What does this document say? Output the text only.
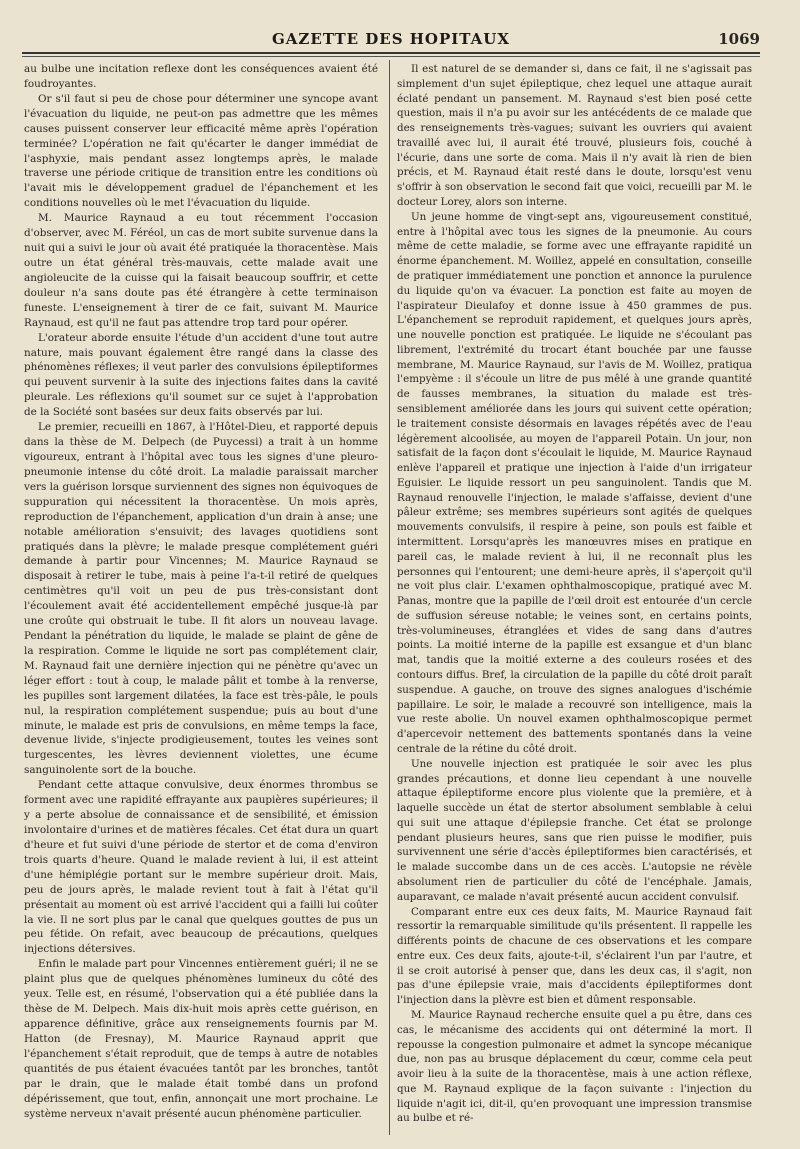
GAZETTE DES HOPITAUX	1069

au bulbe une incitation reflexe dont les conséquences avaient été foudroyantes.

Or s'il faut si peu de chose pour déterminer une syncope avant l'évacuation du liquide, ne peut-on pas admettre que les mêmes causes puissent conserver leur efficacité même après l'opération terminée? L'opération ne fait qu'écarter le danger immédiat de l'asphyxie, mais pendant assez longtemps après, le malade traverse une période critique de transition entre les conditions où l'avait mis le développement graduel de l'épanchement et les conditions nouvelles où le met l'évacuation du liquide.

M. Maurice Raynaud a eu tout récemment l'occasion d'observer, avec M. Féréol, un cas de mort subite survenue dans la nuit qui a suivi le jour où avait été pratiquée la thoracentèse. Mais outre un état général très-mauvais, cette malade avait une angioleucite de la cuisse qui la faisait beaucoup souffrir, et cette douleur n'a sans doute pas été étrangère à cette terminaison funeste. L'enseignement à tirer de ce fait, suivant M. Maurice Raynaud, est qu'il ne faut pas attendre trop tard pour opérer.

L'orateur aborde ensuite l'étude d'un accident d'une tout autre nature, mais pouvant également être rangé dans la classe des phénomènes réflexes; il veut parler des convulsions épileptiformes qui peuvent survenir à la suite des injections faites dans la cavité pleurale. Les réflexions qu'il soumet sur ce sujet à l'approbation de la Société sont basées sur deux faits observés par lui.

Le premier, recueilli en 1867, à l'Hôtel-Dieu, et rapporté depuis dans la thèse de M. Delpech (de Puycessi) a trait à un homme vigoureux, entrant à l'hôpital avec tous les signes d'une pleuro-pneumonie intense du côté droit. La maladie paraissait marcher vers la guérison lorsque surviennent des signes non équivoques de suppuration qui nécessitent la thoracentèse. Un mois après, reproduction de l'épanchement, application d'un drain à anse; une notable amélioration s'ensuivit; des lavages quotidiens sont pratiqués dans la plèvre; le malade presque complétement guéri demande à partir pour Vincennes; M. Maurice Raynaud se disposait à retirer le tube, mais à peine l'a-t-il retiré de quelques centimètres qu'il voit un peu de pus très-consistant dont l'écoulement avait été accidentellement empêché jusque-là par une croûte qui obstruait le tube. Il fit alors un nouveau lavage. Pendant la pénétration du liquide, le malade se plaint de gêne de la respiration. Comme le liquide ne sort pas complétement clair, M. Raynaud fait une dernière injection qui ne pénètre qu'avec un léger effort : tout à coup, le malade pâlit et tombe à la renverse, les pupilles sont largement dilatées, la face est très-pâle, le pouls nul, la respiration complétement suspendue; puis au bout d'une minute, le malade est pris de convulsions, en même temps la face, devenue livide, s'injecte prodigieusement, toutes les veines sont turgescentes, les lèvres deviennent violettes, une écume sanguinolente sort de la bouche.

Pendant cette attaque convulsive, deux énormes thrombus se forment avec une rapidité effrayante aux paupières supérieures; il y a perte absolue de connaissance et de sensibilité, et émission involontaire d'urines et de matières fécales. Cet état dura un quart d'heure et fut suivi d'une période de stertor et de coma d'environ trois quarts d'heure. Quand le malade revient à lui, il est atteint d'une hémiplégie portant sur le membre supérieur droit. Mais, peu de jours après, le malade revient tout à fait à l'état qu'il présentait au moment où est arrivé l'accident qui a failli lui coûter la vie. Il ne sort plus par le canal que quelques gouttes de pus un peu fétide. On refait, avec beaucoup de précautions, quelques injections détersives.

Enfin le malade part pour Vincennes entièrement guéri; il ne se plaint plus que de quelques phénomènes lumineux du côté des yeux. Telle est, en résumé, l'observation qui a été publiée dans la thèse de M. Delpech. Mais dix-huit mois après cette guérison, en apparence définitive, grâce aux renseignements fournis par M. Hatton (de Fresnay), M. Maurice Raynaud apprit que l'épanchement s'était reproduit, que de temps à autre de notables quantités de pus étaient évacuées tantôt par les bronches, tantôt par le drain, que le malade était tombé dans un profond dépérissement, que tout, enfin, annonçait une mort prochaine. Le système nerveux n'avait présenté aucun phénomène particulier.

Il est naturel de se demander si, dans ce fait, il ne s'agissait pas simplement d'un sujet épileptique, chez lequel une attaque aurait éclaté pendant un pansement. M. Raynaud s'est bien posé cette question, mais il n'a pu avoir sur les antécédents de ce malade que des renseignements très-vagues; suivant les ouvriers qui avaient travaillé avec lui, il aurait été trouvé, plusieurs fois, couché à l'écurie, dans une sorte de coma. Mais il n'y avait là rien de bien précis, et M. Raynaud était resté dans le doute, lorsqu'est venu s'offrir à son observation le second fait que voici, recueilli par M. le docteur Lorey, alors son interne.

Un jeune homme de vingt-sept ans, vigoureusement constitué, entre à l'hôpital avec tous les signes de la pneumonie. Au cours même de cette maladie, se forme avec une effrayante rapidité un énorme épanchement. M. Woillez, appelé en consultation, conseille de pratiquer immédiatement une ponction et annonce la purulence du liquide qu'on va évacuer. La ponction est faite au moyen de l'aspirateur Dieulafoy et donne issue à 450 grammes de pus. L'épanchement se reproduit rapidement, et quelques jours après, une nouvelle ponction est pratiquée. Le liquide ne s'écoulant pas librement, l'extrémité du trocart étant bouchée par une fausse membrane, M. Maurice Raynaud, sur l'avis de M. Woillez, pratiqua l'empyème : il s'écoule un litre de pus mêlé à une grande quantité de fausses membranes, la situation du malade est très-sensiblement améliorée dans les jours qui suivent cette opération; le traitement consiste désormais en lavages répétés avec de l'eau légèrement alcoolisée, au moyen de l'appareil Potain. Un jour, non satisfait de la façon dont s'écoulait le liquide, M. Maurice Raynaud enlève l'appareil et pratique une injection à l'aide d'un irrigateur Eguisier. Le liquide ressort un peu sanguinolent. Tandis que M. Raynaud renouvelle l'injection, le malade s'affaisse, devient d'une pâleur extrême; ses membres supérieurs sont agités de quelques mouvements convulsifs, il respire à peine, son pouls est faible et intermittent. Lorsqu'après les manœuvres mises en pratique en pareil cas, le malade revient à lui, il ne reconnaît plus les personnes qui l'entourent; une demi-heure après, il s'aperçoit qu'il ne voit plus clair. L'examen ophthalmoscopique, pratiqué avec M. Panas, montre que la papille de l'œil droit est entourée d'un cercle de suffusion séreuse notable; le veines sont, en certains points, très-volumineuses, étranglées et vides de sang dans d'autres points. La moitié interne de la papille est exsangue et d'un blanc mat, tandis que la moitié externe a des couleurs rosées et des contours diffus. Bref, la circulation de la papille du côté droit paraît suspendue. A gauche, on trouve des signes analogues d'ischémie papillaire. Le soir, le malade a recouvré son intelligence, mais la vue reste abolie. Un nouvel examen ophthalmoscopique permet d'apercevoir nettement des battements spontanés dans la veine centrale de la rétine du côté droit.

Une nouvelle injection est pratiquée le soir avec les plus grandes précautions, et donne lieu cependant à une nouvelle attaque épileptiforme encore plus violente que la première, et à laquelle succède un état de stertor absolument semblable à celui qui suit une attaque d'épilepsie franche. Cet état se prolonge pendant plusieurs heures, sans que rien puisse le modifier, puis survivennent une série d'accès épileptiformes bien caractérisés, et le malade succombe dans un de ces accès. L'autopsie ne révèle absolument rien de particulier du côté de l'encéphale. Jamais, auparavant, ce malade n'avait présenté aucun accident convulsif.

Comparant entre eux ces deux faits, M. Maurice Raynaud fait ressortir la remarquable similitude qu'ils présentent. Il rappelle les différents points de chacune de ces observations et les compare entre eux. Ces deux faits, ajoute-t-il, s'éclairent l'un par l'autre, et il se croit autorisé à penser que, dans les deux cas, il s'agit, non pas d'une épilepsie vraie, mais d'accidents épileptiformes dont l'injection dans la plèvre est bien et dûment responsable.

M. Maurice Raynaud recherche ensuite quel a pu être, dans ces cas, le mécanisme des accidents qui ont déterminé la mort. Il repousse la congestion pulmonaire et admet la syncope mécanique due, non pas au brusque déplacement du cœur, comme cela peut avoir lieu à la suite de la thoracentèse, mais à une action réflexe, que M. Raynaud explique de la façon suivante : l'injection du liquide n'agit ici, dit-il, qu'en provoquant une impression transmise au bulbe et ré-
